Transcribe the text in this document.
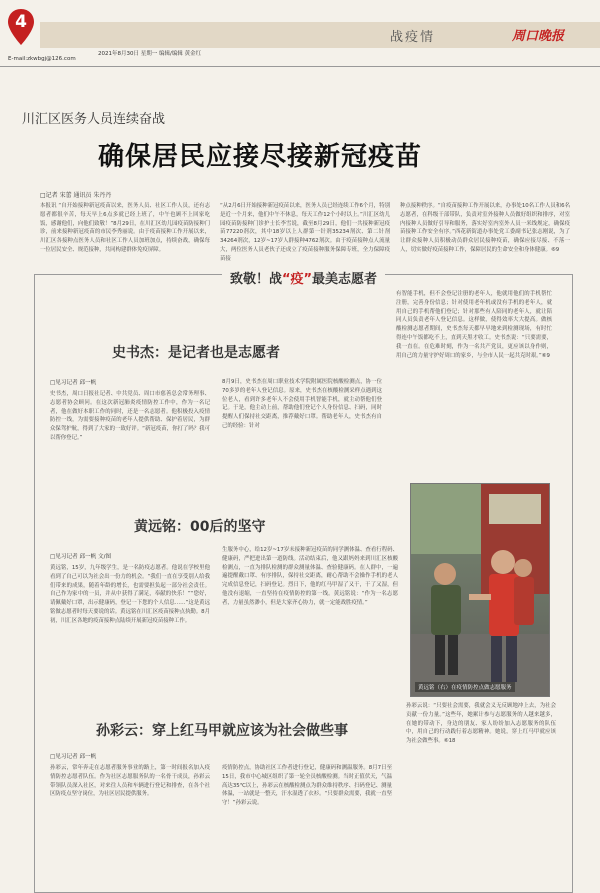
4
战疫情	周口晚报
2021年8月30日 星期一 编辑/编辑 黄金红
E-mail:zkwbgj@126.com
川汇区医务人员连续奋战
确保居民应接尽接新冠疫苗
□记者 宋蕾 通讯员 朱丹丹
本报讯 “自开始接种新冠疫苗以来，医务人员、社区工作人员，还有志愿者都很辛苦，每天早上6点多就已经上班了，中午也顾不上回家吃饭，感谢他们，向他们致敬！”8月29日，在川汇区幼儿园疫苗防接种门诊，前来接种新冠疫苗的市民李秀丽说。由于疫苗接种工作开展以来，川汇区各接种点医务人员和社区工作人员加班加点，持续奋战，确保每一位居民安全、规范接种，共同构建群体免疫屏障。
“从2月6日开始接种新冠疫苗以来，医务人员已经连续工作6个月，特别是近一个月来，他们中午不休息，每天工作12个小时以上。”川汇区幼儿园疫苗防接种门诊护士长李雪说，截至8月29日，他们一共接种新冠疫苗77220剂次，其中18岁以上人群第一针剂35234剂次、第二针剂34264剂次，12岁~17岁人群接种4762剂次。由于疫苗接种点人流量大，两位医务人员老伙子还成立了疫苗接种服务保障专班，全力保障疫苗接
种点接种秩序。“自疫苗接种工作开展以来，办事处10名工作人员和6名志愿者，在科级干部带队，负责对室外接种人员做好组织和排序，对室内接种人员做好引导和服务，落实好室内室外人员一米线规定，确保疫苗接种工作安全有序。”西花新街道办事处党工委副书记张志刚说，为了让群众接种人员积极动员群众居民接种疫苗，确保应接尽接、不落一人，切实做好疫苗接种工作，保障居民的生命安全和身体健康。⑥9
致敬！战“疫”最美志愿者
史书杰：是记者也是志愿者
□见习记者 邱一帆
史书杰，周口日报社记者、中共党员、周口市慈善总会常务理事、志愿者协会顾问。在这次新冠肺炎疫情防控工作中，作为一名记者，他在做好本职工作的同时，还是一名志愿者。他积极投入疫情防控一线，为需要接种疫苗的老年人提供帮助、保护着居民，为群众保驾护航，得到了大家的一致好评。“新冠疫苗，你打了吗？我可以帮你登记。”
8月9日，史书杰在周口职业技术学院附属医院核酸检测点，协一位70多岁的老年人登记信息。原来，史书杰在核酸检测采样点遇到这位老人，看到许多老年人不会使用手机智能手机，就主动帮他们登记。于是，他主动上前，帮助他们登记个人身份信息、扫码，同时提醒人们保持社交距离，推荐戴好口罩。帮助老年人，史书杰有自己的经验：针对
有智能手机，但不会登记注册的老年人，他就用他们的手机帮忙注册，完善身份信息；针对使用老年机或没有手机的老年人，就用自己的手机帮他们登记；针对那些有人陪同的老年人，就让陪同人员负责老年人登记信息。这样做，使得效率大大提高。做核酸检测志愿者期间，史书杰每天都早早地来到检测现场，有时忙得连中午饭都吃不上，直到天黑才收工。史书杰说：“只要需要，我一直在。在危难时刻，作为一名共产党员，更应该以身作则，用自己的力量守护好周口的家乡，与全市人民一起共克时艰。”⑥9
黄远铭：00后的坚守
□见习记者 邱一帆 文/图
黄远铭，15岁，九年级学生，是一名防疫志愿者。他说在学校里他看到了自己可以为社会出一份力的机会。“我们一直在享受别人给我们带来的成果，随着年龄的增长，也需要担负起一部分社会责任。自己作为家中的一员，并从中获得了满足，奉献的快乐！”“您好，请佩戴好口罩，出示健康码，登记一下您的个人信息……”这是黄远铭做志愿者时每天要说的话。黄远铭在川汇区疫苗接种点执勤。8月初，川汇区各地的疫苗接种点陆续开展新冠疫苗接种工作。
生服务中心，给12岁~17岁未接种新冠疫苗的同学测体温、查看行程码、健康码，严把进出第一道防线。活动结束后，他又跟妈妈来到川汇区核酸检测点，一直为排队检测的群众测量体温、查验健康码。在人群中，一遍遍提醒戴口罩、有序排队，保持社交距离，耐心帮助不会操作手机的老人完成信息登记，扫码登记。烈日下，他的红马甲湿了又干，干了又湿，但他没有退缩，一直坚持在疫情防控的第一线。黄远铭说：“作为一名志愿者，力量虽然渺小，但是大家齐心协力，就一定能战胜疫情。”
黄远铭（右）在疫情防控点做志愿服务
孙彩云：穿上红马甲就应该为社会做些事
□见习记者 邱一帆
孙彩云，常年奔走在志愿者服务事业的路上，第一时间报名加入疫情防控志愿者队伍。作为社区志愿服务队的一名骨干成员，孙彩云带领队员深入社区，对来往人员和车辆进行登记和排查，在各个社区防疫点坚守岗位，为社区居民提供服务。
疫情防控点，协助社区工作者进行登记，健康码和测温服务。8月7日至15日，我市中心城区组织了第一轮全员核酸检测。当时正值伏天，气温高达35℃以上，孙彩云在核酸检测点为群众维持秩序、扫码登记、测量体温，一站就是一整天，汗水湿透了衣衫。“只要群众需要，我就一直坚守！”孙彩云说。
孙彩云说：“只要社会需要，我就会义无反顾地冲上去，为社会贡献一份力量。”这些年，她累计参与志愿服务的人越来越多，在她的带动下，身边的朋友、家人纷纷加入志愿服务的队伍中，用自己的行动践行着志愿精神。她说，穿上红马甲就应该为社会做些事。⑥18
